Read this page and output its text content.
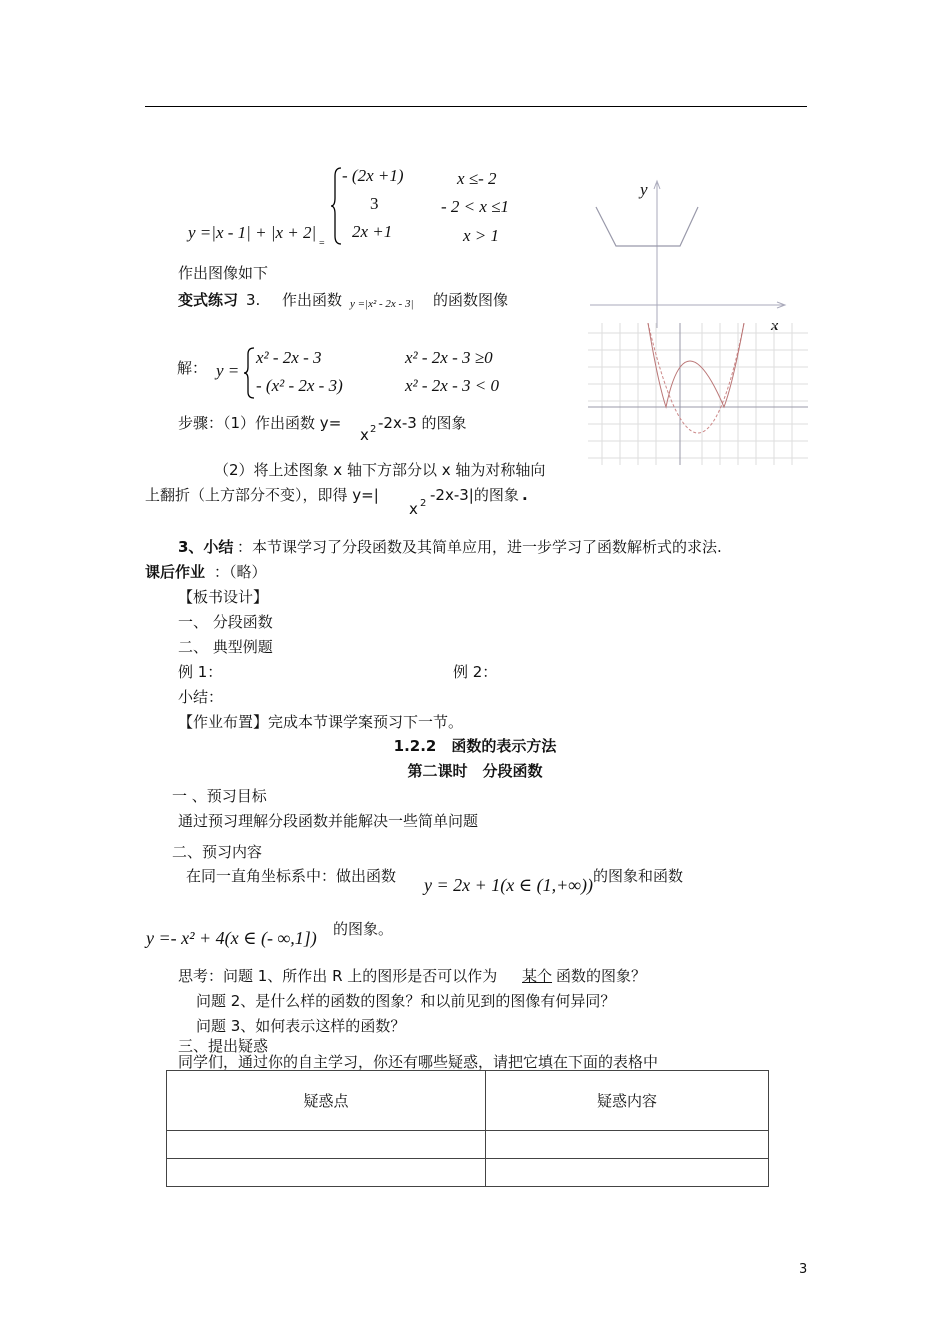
y =|x - 1| + |x + 2|
=
- (2x +1)	x ≤- 2
3	- 2 < x ≤1
2x +1	x > 1
y
x
作出图像如下
变式练习 3. 作出函数 y =|x² - 2x - 3| 的函数图像
解： y =
x² - 2x - 3	x² - 2x - 3 ≥0
- (x² - 2x - 3)	x² - 2x - 3 < 0
步骤：（1）作出函数 y=
x 2 -2x-3 的图象
（2）将上述图象 x 轴下方部分以 x 轴为对称轴向
上翻折（上方部分不变），即得 y=|
x 2 -2x-3|的图象 .
3、小结 ：本节课学习了分段函数及其简单应用，进一步学习了函数解析式的求法.
课后作业 ：（略）
【板书设计】
一、 分段函数
二、 典型例题
例 1：	例 2：
小结：
【作业布置】完成本节课学案预习下一节。
1.2.2　函数的表示方法
第二课时　分段函数
一 、预习目标
通过预习理解分段函数并能解决一些简单问题
二、预习内容
在同一直角坐标系中：做出函数 y = 2x + 1(x ∈ (1,+∞)) 的图象和函数
y =- x² + 4(x ∈ (- ∞,1]) 的图象。
思考：问题 1、所作出 R 上的图形是否可以作为 某个 函数的图象？
问题 2、是什么样的函数的图象？和以前见到的图像有何异同？
问题 3、如何表示这样的函数？
三、提出疑惑
同学们，通过你的自主学习，你还有哪些疑惑，请把它填在下面的表格中
疑惑点	疑惑内容

3
